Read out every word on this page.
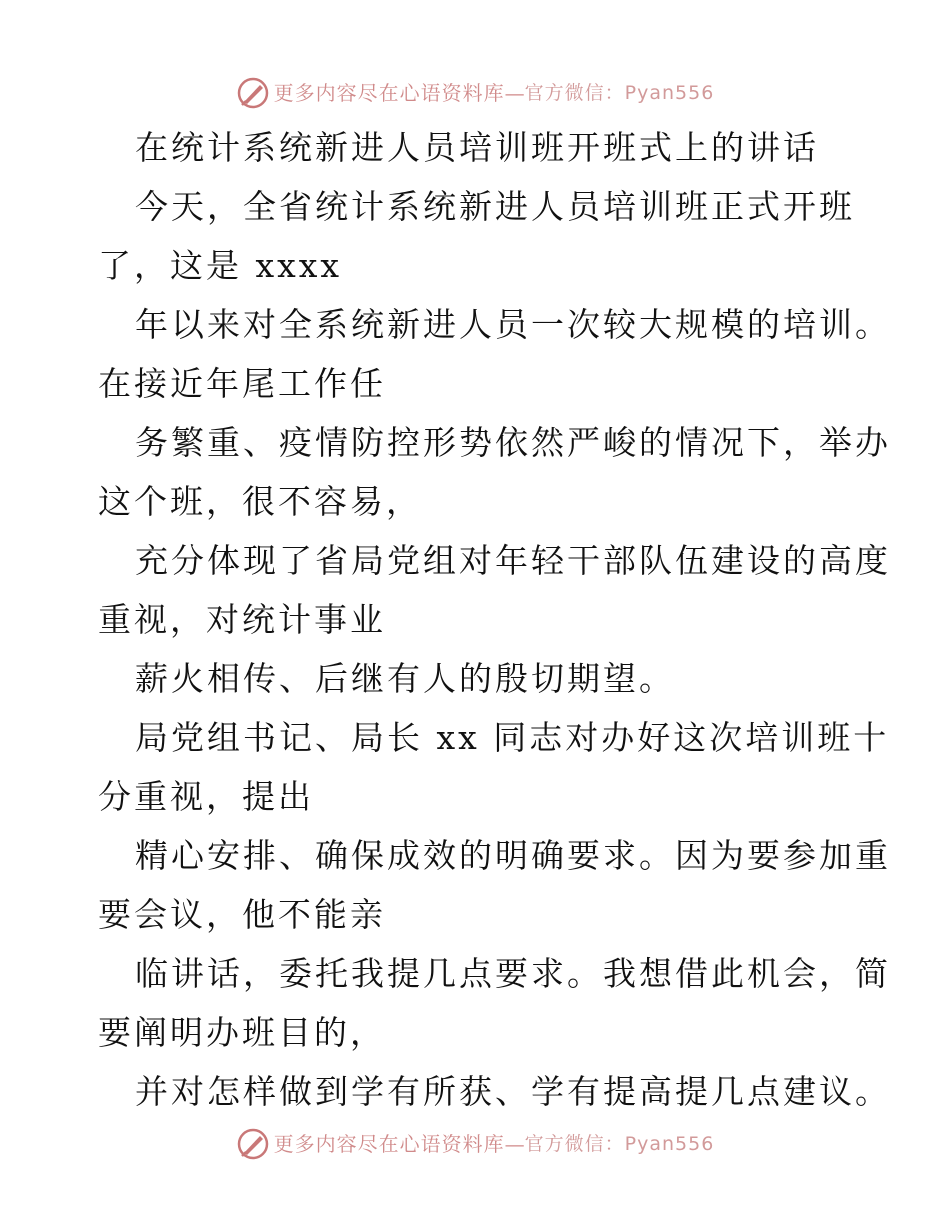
更多内容尽在心语资料库 — 官方微信：Pyan556
在统计系统新进人员培训班开班式上的讲话
今天，全省统计系统新进人员培训班正式开班
了，这是 xxxx
年以来对全系统新进人员一次较大规模的培训。
在接近年尾工作任
务繁重、疫情防控形势依然严峻的情况下，举办
这个班，很不容易，
充分体现了省局党组对年轻干部队伍建设的高度
重视，对统计事业
薪火相传、后继有人的殷切期望。
局党组书记、局长 xx 同志对办好这次培训班十
分重视，提出
精心安排、确保成效的明确要求。因为要参加重
要会议，他不能亲
临讲话，委托我提几点要求。我想借此机会，简
要阐明办班目的，
并对怎样做到学有所获、学有提高提几点建议。
更多内容尽在心语资料库 — 官方微信：Pyan556
